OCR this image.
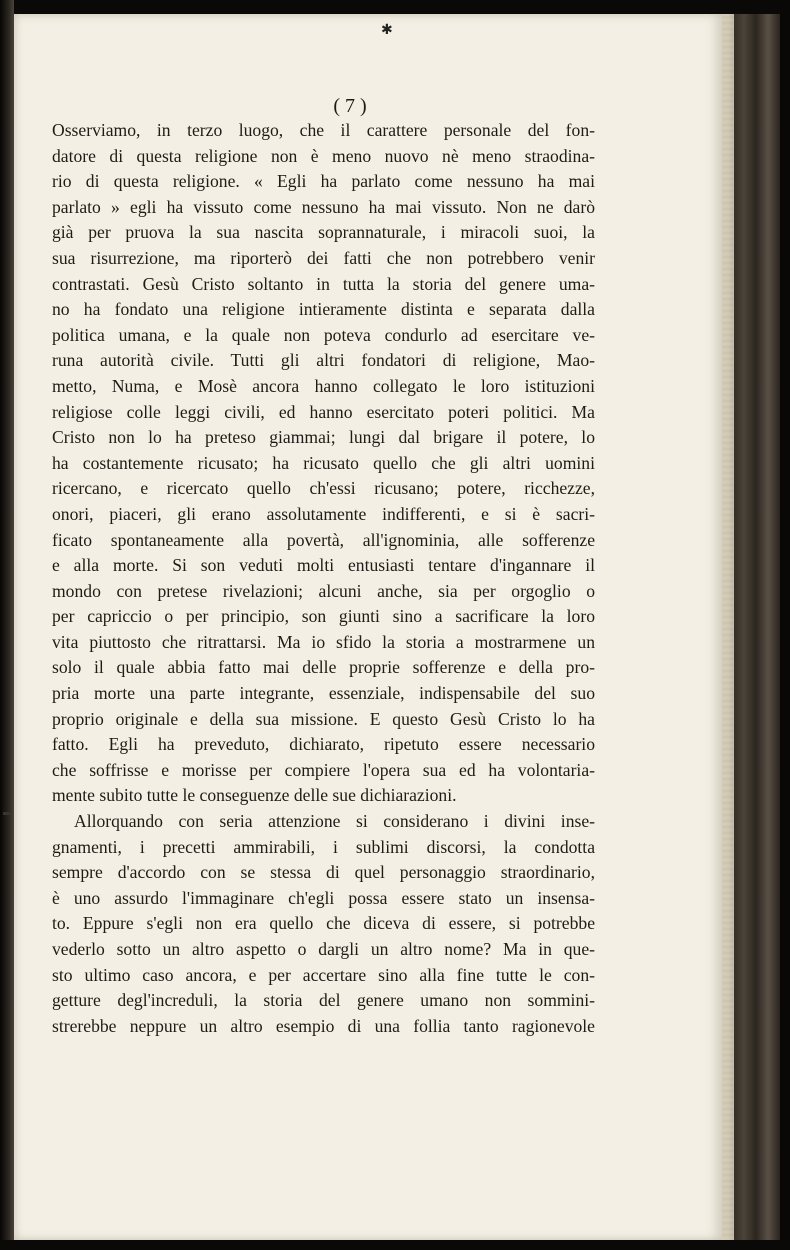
✱
( 7 )
Osserviamo, in terzo luogo, che il carattere personale del fon-
datore di questa religione non è meno nuovo nè meno straodina-
rio di questa religione. « Egli ha parlato come nessuno ha mai
parlato » egli ha vissuto come nessuno ha mai vissuto. Non ne darò
già per pruova la sua nascita soprannaturale, i miracoli suoi, la
sua risurrezione, ma riporterò dei fatti che non potrebbero venir
contrastati. Gesù Cristo soltanto in tutta la storia del genere uma-
no ha fondato una religione intieramente distinta e separata dalla
politica umana, e la quale non poteva condurlo ad esercitare ve-
runa autorità civile. Tutti gli altri fondatori di religione, Mao-
metto, Numa, e Mosè ancora hanno collegato le loro istituzioni
religiose colle leggi civili, ed hanno esercitato poteri politici. Ma
Cristo non lo ha preteso giammai; lungi dal brigare il potere, lo
ha costantemente ricusato; ha ricusato quello che gli altri uomini
ricercano, e ricercato quello ch'essi ricusano; potere, ricchezze,
onori, piaceri, gli erano assolutamente indifferenti, e si è sacri-
ficato spontaneamente alla povertà, all'ignominia, alle sofferenze
e alla morte. Si son veduti molti entusiasti tentare d'ingannare il
mondo con pretese rivelazioni; alcuni anche, sia per orgoglio o
per capriccio o per principio, son giunti sino a sacrificare la loro
vita piuttosto che ritrattarsi. Ma io sfido la storia a mostrarmene un
solo il quale abbia fatto mai delle proprie sofferenze e della pro-
pria morte una parte integrante, essenziale, indispensabile del suo
proprio originale e della sua missione. E questo Gesù Cristo lo ha
fatto. Egli ha preveduto, dichiarato, ripetuto essere necessario
che soffrisse e morisse per compiere l'opera sua ed ha volontaria-
mente subito tutte le conseguenze delle sue dichiarazioni.
Allorquando con seria attenzione si considerano i divini inse-
gnamenti, i precetti ammirabili, i sublimi discorsi, la condotta
sempre d'accordo con se stessa di quel personaggio straordinario,
è uno assurdo l'immaginare ch'egli possa essere stato un insensa-
to. Eppure s'egli non era quello che diceva di essere, si potrebbe
vederlo sotto un altro aspetto o dargli un altro nome? Ma in que-
sto ultimo caso ancora, e per accertare sino alla fine tutte le con-
getture degl'increduli, la storia del genere umano non sommini-
strerebbe neppure un altro esempio di una follia tanto ragionevole
